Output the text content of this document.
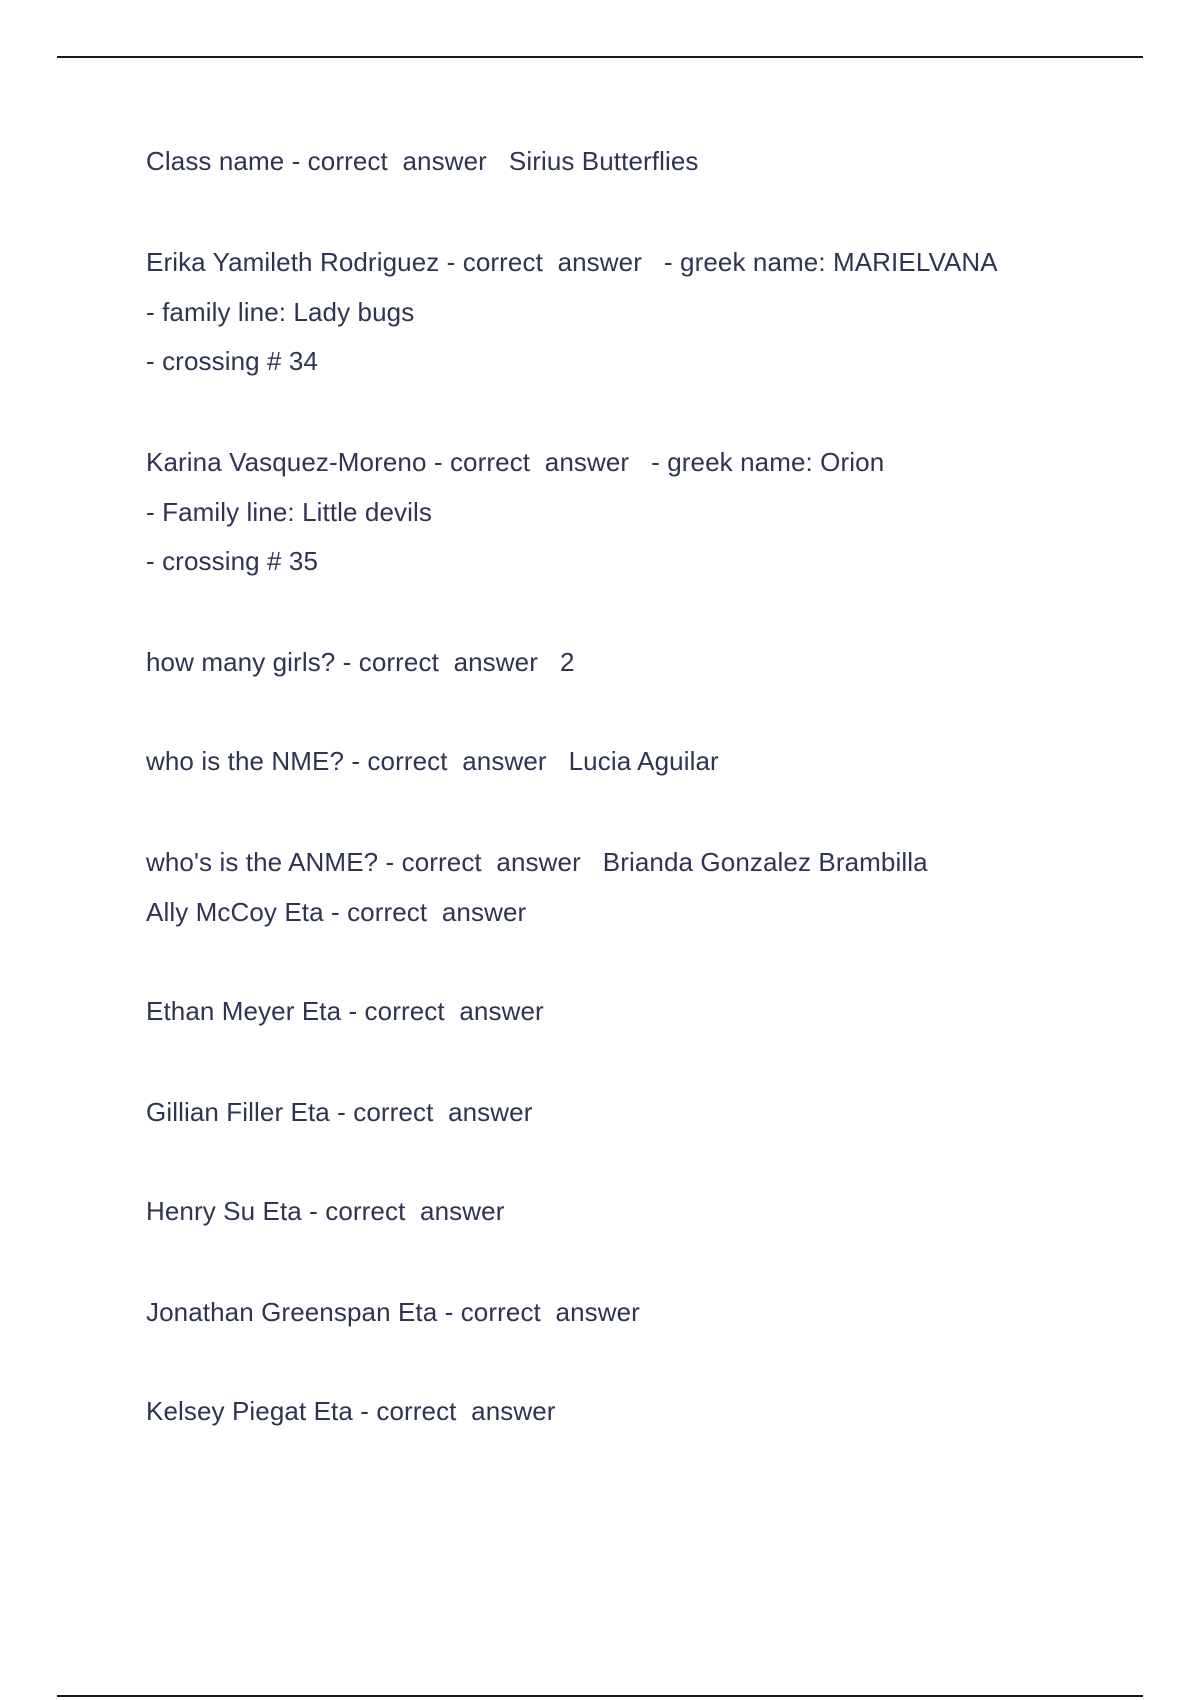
Class name - correct  answer   Sirius Butterflies
Erika Yamileth Rodriguez - correct  answer   - greek name: MARIELVANA
- family line: Lady bugs
- crossing # 34
Karina Vasquez-Moreno - correct  answer   - greek name: Orion
- Family line: Little devils
- crossing # 35
how many girls? - correct  answer   2
who is the NME? - correct  answer   Lucia Aguilar
who's is the ANME? - correct  answer   Brianda Gonzalez Brambilla
Ally McCoy Eta - correct  answer
Ethan Meyer Eta - correct  answer
Gillian Filler Eta - correct  answer
Henry Su Eta - correct  answer
Jonathan Greenspan Eta - correct  answer
Kelsey Piegat Eta - correct  answer
